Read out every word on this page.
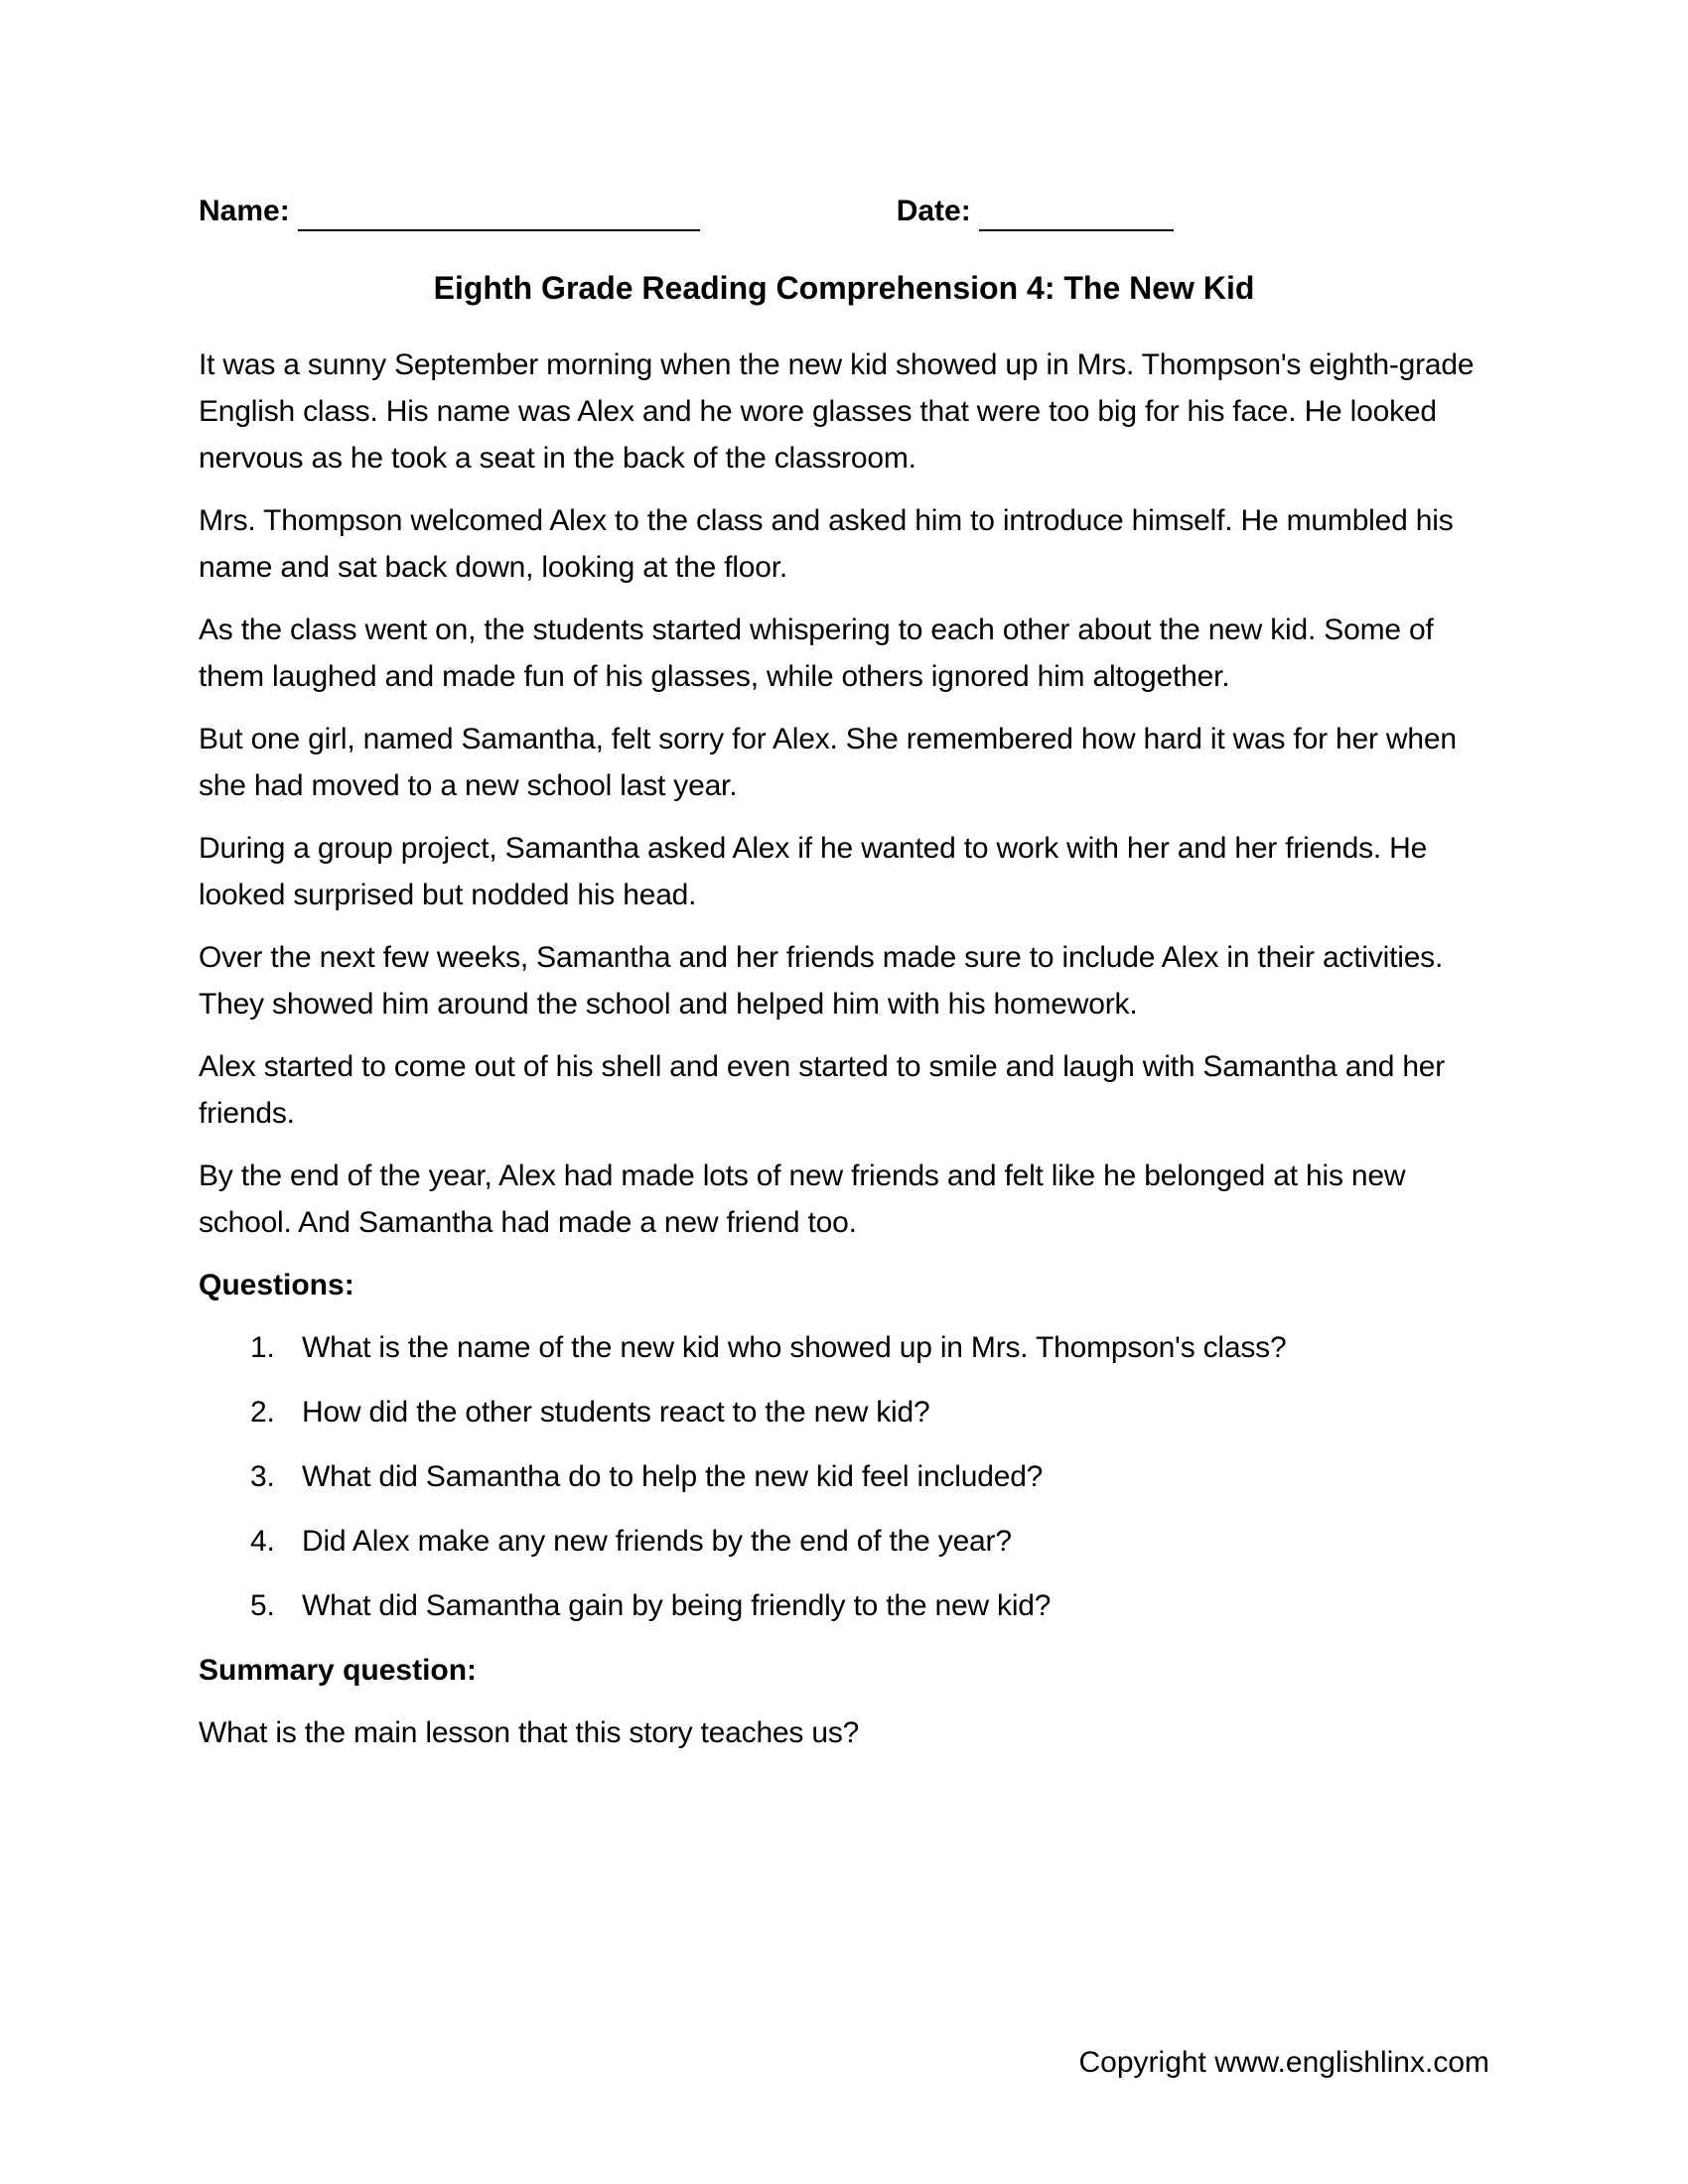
Name:	Date:
Eighth Grade Reading Comprehension 4: The New Kid

It was a sunny September morning when the new kid showed up in Mrs. Thompson's eighth-grade English class. His name was Alex and he wore glasses that were too big for his face. He looked nervous as he took a seat in the back of the classroom.

Mrs. Thompson welcomed Alex to the class and asked him to introduce himself. He mumbled his name and sat back down, looking at the floor.

As the class went on, the students started whispering to each other about the new kid. Some of them laughed and made fun of his glasses, while others ignored him altogether.

But one girl, named Samantha, felt sorry for Alex. She remembered how hard it was for her when she had moved to a new school last year.

During a group project, Samantha asked Alex if he wanted to work with her and her friends. He looked surprised but nodded his head.

Over the next few weeks, Samantha and her friends made sure to include Alex in their activities. They showed him around the school and helped him with his homework.

Alex started to come out of his shell and even started to smile and laugh with Samantha and her friends.

By the end of the year, Alex had made lots of new friends and felt like he belonged at his new school. And Samantha had made a new friend too.

Questions:
1. What is the name of the new kid who showed up in Mrs. Thompson's class?
2. How did the other students react to the new kid?
3. What did Samantha do to help the new kid feel included?
4. Did Alex make any new friends by the end of the year?
5. What did Samantha gain by being friendly to the new kid?
Summary question:

What is the main lesson that this story teaches us?

Copyright www.englishlinx.com
